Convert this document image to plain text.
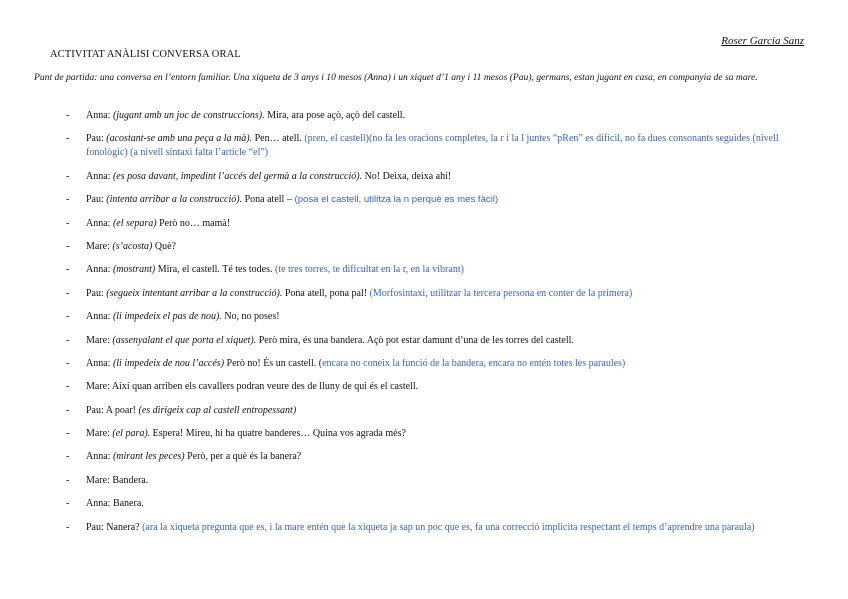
Roser Garcia Sanz
ACTIVITAT ANÀLISI CONVERSA ORAL
Punt de partida: una conversa en l’entorn familiar. Una xiqueta de 3 anys i 10 mesos (Anna) i un xiquet d’1 any i 11 mesos (Pau), germans, estan jugant en casa, en companyia de sa mare.
- Anna: (jugant amb un joc de construccions). Mira, ara pose açò, açò del castell.
- Pau: (acostant-se amb una peça a la mà). Pen… atell. (pren, el castell)(no fa les oracions completes, la r i la l juntes “pRen” es difícil, no fa dues consonants seguides (nivell fonològic) (a nivell sintaxi falta l’article “el”)
- Anna: (es posa davant, impedint l’accés del germà a la construcció). No! Deixa, deixa ahí!
- Pau: (intenta arribar a la construcció). Pona atell – (posa el castell, utilitza la n perquè es mes fàcil)
- Anna: (el separa) Però no… mamà!
- Mare: (s’acosta) Què?
- Anna: (mostrant) Mira, el castell. Té tes todes. (te tres torres, te dificultat en la r, en la vibrant)
- Pau: (segueix intentant arribar a la construcció). Pona atell, pona pal! (Morfosintaxi, utilitzar la tercera persona en conter de la primera)
- Anna: (li impedeix el pas de nou). No, no poses!
- Mare: (assenyalant el que porta el xiquet). Però mira, és una bandera. Açò pot estar damunt d’una de les torres del castell.
- Anna: (li impedeix de nou l’accés) Però no! És un castell. (encara no coneix la funció de la bandera, encara no entén totes les paraules)
- Mare: Així quan arriben els cavallers podran veure des de lluny de qui és el castell.
- Pau: A poar! (es dirigeix cap al castell entropessant)
- Mare: (el para). Espera! Mireu, hi ha quatre banderes… Quina vos agrada més?
- Anna: (mirant les peces) Però, per a què és la banera?
- Mare: Bandera.
- Anna: Banera.
- Pau: Nanera? (ara la xiqueta pregunta que es, i la mare entén que la xiqueta ja sap un poc que es, fa una correcció implícita respectant el temps d’aprendre una paraula)
